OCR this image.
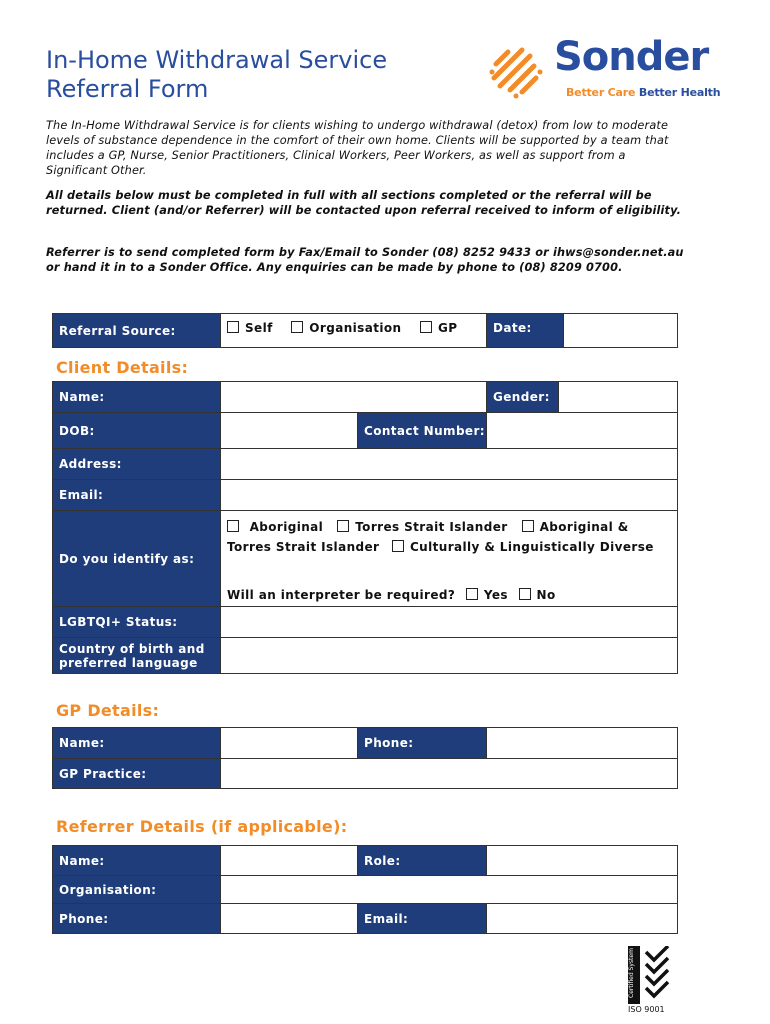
In-Home Withdrawal Service
Referral Form
Sonder
Better Care Better Health
The In-Home Withdrawal Service is for clients wishing to undergo withdrawal (detox) from low to moderate levels of substance dependence in the comfort of their own home. Clients will be supported by a team that includes a GP, Nurse, Senior Practitioners, Clinical Workers, Peer Workers, as well as support from a Significant Other.
All details below must be completed in full with all sections completed or the referral will be returned. Client (and/or Referrer) will be contacted upon referral received to inform of eligibility.
Referrer is to send completed form by Fax/Email to Sonder (08) 8252 9433 or ihws@sonder.net.au or hand it in to a Sonder Office. Any enquiries can be made by phone to (08) 8209 0700.
Referral Source:	Self	Organisation	GP	Date:	
Client Details:
Name:			Gender:	
DOB:		Contact Number:		
Address:				
Email:				
Do you identify as:	Aboriginal Torres Strait Islander Aboriginal & Torres Strait Islander Culturally & Linguistically Diverse
Will an interpreter be required? Yes No			

LGBTQI+ Status:				
Country of birth and preferred language				
GP Details:
Name:		Phone:	
GP Practice:			
Referrer Details (if applicable):
Name:		Role:	
Organisation:			
Phone:		Email:	
Certified System
ISO 9001
